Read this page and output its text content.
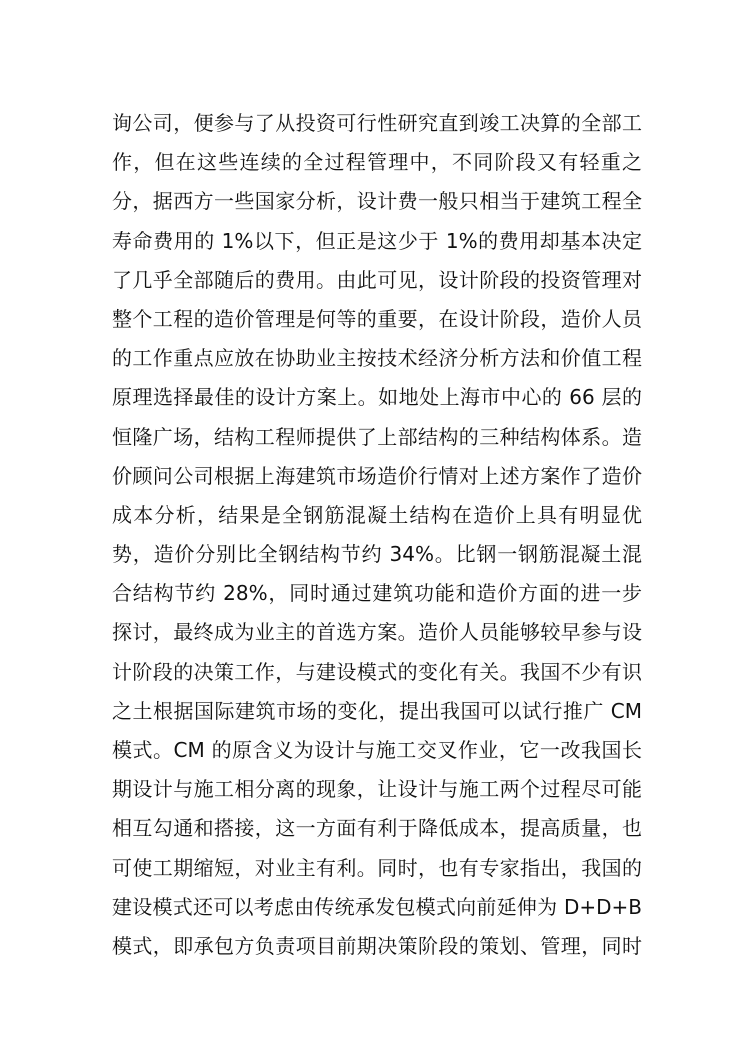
询公司，便参与了从投资可行性研究直到竣工决算的全部工
作，但在这些连续的全过程管理中，不同阶段又有轻重之
分，据西方一些国家分析，设计费一般只相当于建筑工程全
寿命费用的 1%以下，但正是这少于 1%的费用却基本决定
了几乎全部随后的费用。由此可见，设计阶段的投资管理对
整个工程的造价管理是何等的重要，在设计阶段，造价人员
的工作重点应放在协助业主按技术经济分析方法和价值工程
原理选择最佳的设计方案上。如地处上海市中心的 66 层的
恒隆广场，结构工程师提供了上部结构的三种结构体系。造
价顾问公司根据上海建筑市场造价行情对上述方案作了造价
成本分析，结果是全钢筋混凝土结构在造价上具有明显优
势，造价分别比全钢结构节约 34%。比钢一钢筋混凝土混
合结构节约 28%，同时通过建筑功能和造价方面的进一步
探讨，最终成为业主的首选方案。造价人员能够较早参与设
计阶段的决策工作，与建设模式的变化有关。我国不少有识
之土根据国际建筑市场的变化，提出我国可以试行推广 CM
模式。CM 的原含义为设计与施工交叉作业，它一改我国长
期设计与施工相分离的现象，让设计与施工两个过程尽可能
相互勾通和搭接，这一方面有利于降低成本，提高质量，也
可使工期缩短，对业主有利。同时，也有专家指出，我国的
建设模式还可以考虑由传统承发包模式向前延伸为 D+D+B
模式，即承包方负责项目前期决策阶段的策划、管理，同时
